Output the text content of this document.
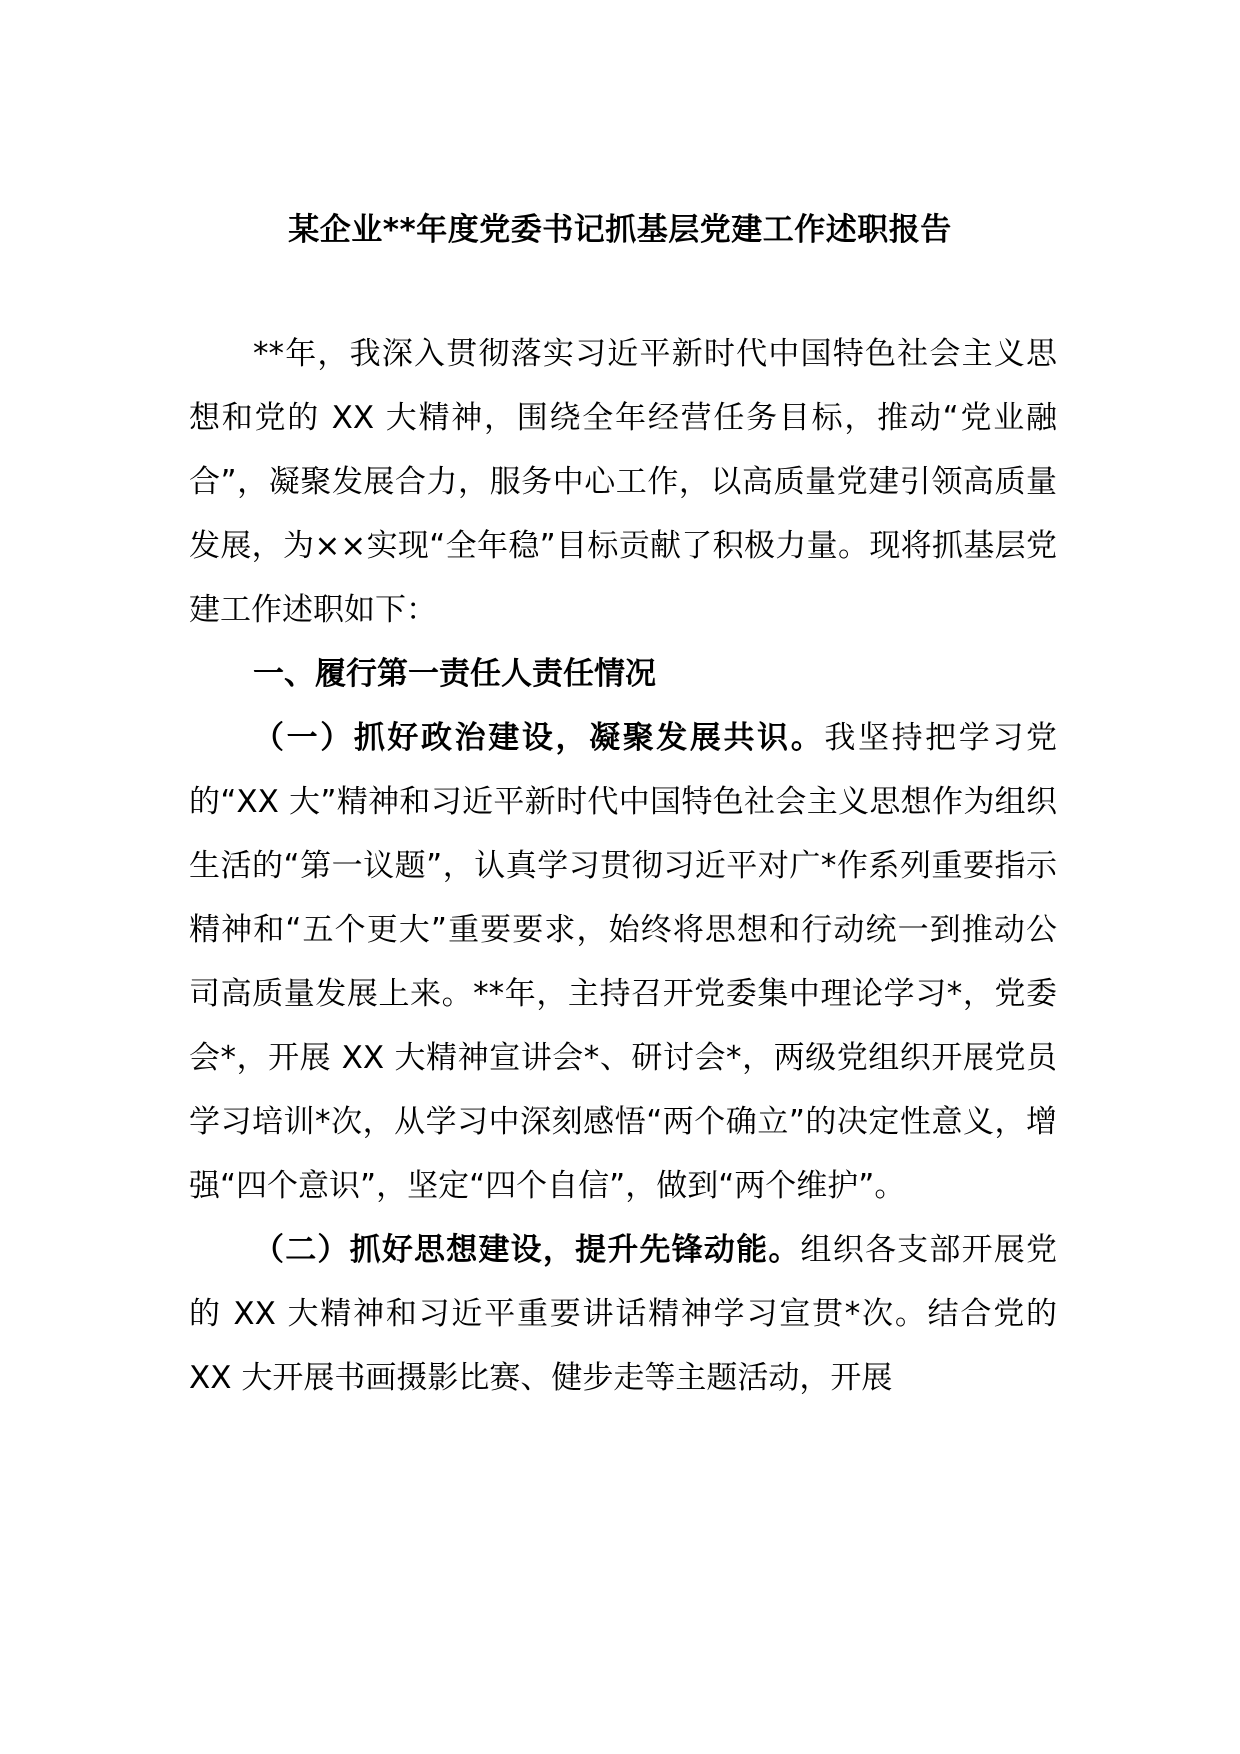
某企业**年度党委书记抓基层党建工作述职报告

**年，我深入贯彻落实习近平新时代中国特色社会主义思想和党的 XX 大精神，围绕全年经营任务目标，推动“党业融合”，凝聚发展合力，服务中心工作，以高质量党建引领高质量发展，为××实现“全年稳”目标贡献了积极力量。现将抓基层党建工作述职如下：

一、履行第一责任人责任情况

（一）抓好政治建设，凝聚发展共识。我坚持把学习党的“XX 大”精神和习近平新时代中国特色社会主义思想作为组织生活的“第一议题”，认真学习贯彻习近平对广*作系列重要指示精神和“五个更大”重要要求，始终将思想和行动统一到推动公司高质量发展上来。**年，主持召开党委集中理论学习*，党委会*，开展 XX 大精神宣讲会*、研讨会*，两级党组织开展党员学习培训*次，从学习中深刻感悟“两个确立”的决定性意义，增强“四个意识”，坚定“四个自信”，做到“两个维护”。

（二）抓好思想建设，提升先锋动能。组织各支部开展党的 XX 大精神和习近平重要讲话精神学习宣贯*次。结合党的 XX 大开展书画摄影比赛、健步走等主题活动，开展
